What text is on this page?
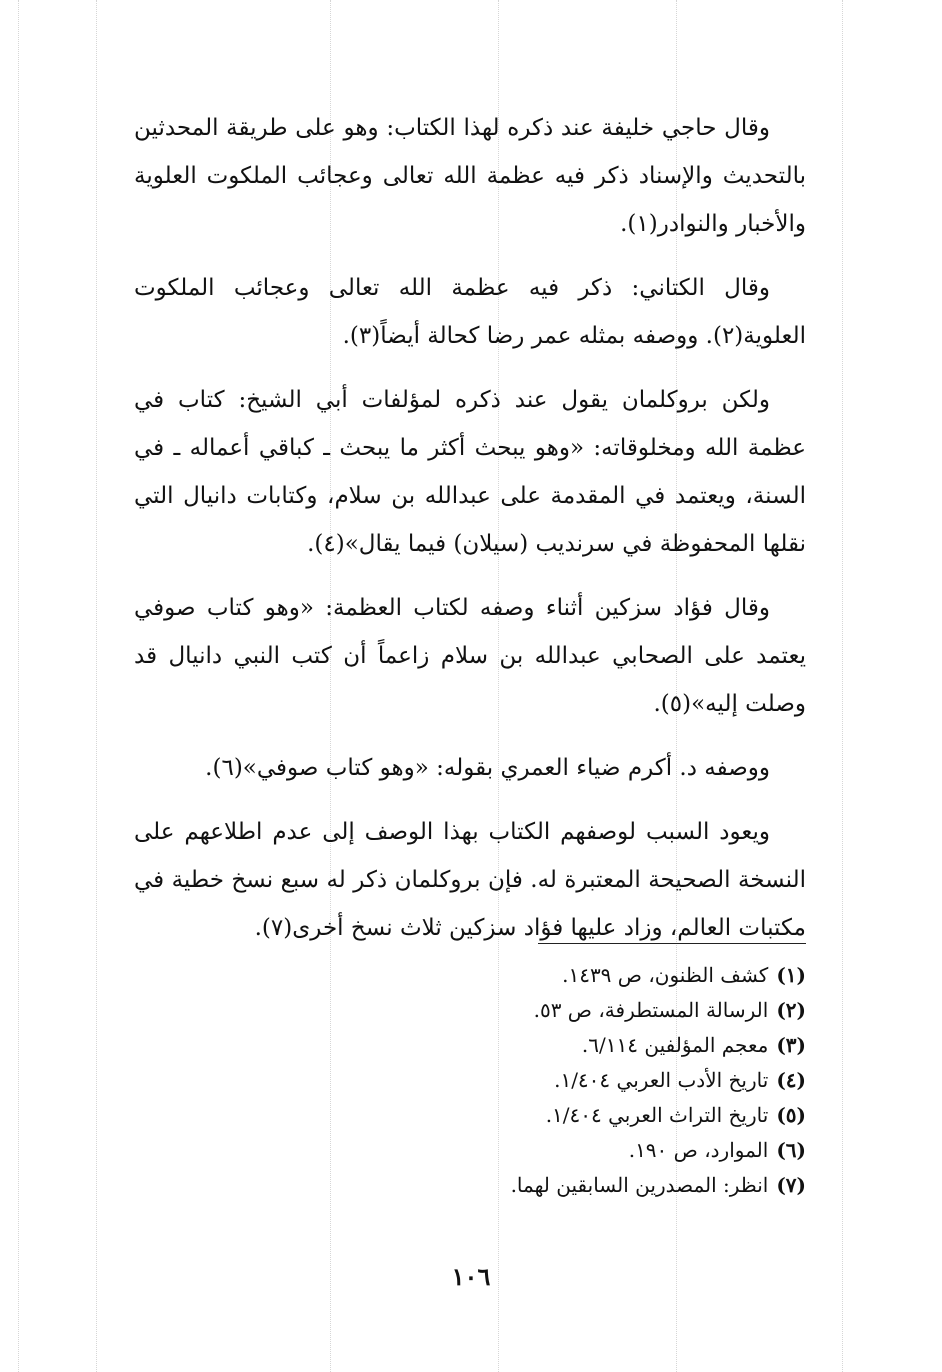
وقال حاجي خليفة عند ذكره لهذا الكتاب: وهو على طريقة المحدثين بالتحديث والإسناد ذكر فيه عظمة الله تعالى وعجائب الملكوت العلوية والأخبار والنوادر(١).

وقال الكتاني: ذكر فيه عظمة الله تعالى وعجائب الملكوت العلوية(٢). ووصفه بمثله عمر رضا كحالة أيضاً(٣).

ولكن بروكلمان يقول عند ذكره لمؤلفات أبي الشيخ: كتاب في عظمة الله ومخلوقاته: «وهو يبحث أكثر ما يبحث ـ كباقي أعماله ـ في السنة، ويعتمد في المقدمة على عبدالله بن سلام، وكتابات دانيال التي نقلها المحفوظة في سرنديب (سيلان) فيما يقال»(٤).

وقال فؤاد سزكين أثناء وصفه لكتاب العظمة: «وهو كتاب صوفي يعتمد على الصحابي عبدالله بن سلام زاعماً أن كتب النبي دانيال قد وصلت إليه»(٥).

ووصفه د. أكرم ضياء العمري بقوله: «وهو كتاب صوفي»(٦).

ويعود السبب لوصفهم الكتاب بهذا الوصف إلى عدم اطلاعهم على النسخة الصحيحة المعتبرة له. فإن بروكلمان ذكر له سبع نسخ خطية في مكتبات العالم، وزاد عليها فؤاد سزكين ثلاث نسخ أخرى(٧).

(١)كشف الظنون، ص ١٤٣٩.
(٢)الرسالة المستطرفة، ص ٥٣.
(٣)معجم المؤلفين ٦/١١٤.
(٤)تاريخ الأدب العربي ١/٤٠٤.
(٥)تاريخ التراث العربي ١/٤٠٤.
(٦)الموارد، ص ١٩٠.
(٧)انظر: المصدرين السابقين لهما.
١٠٦
